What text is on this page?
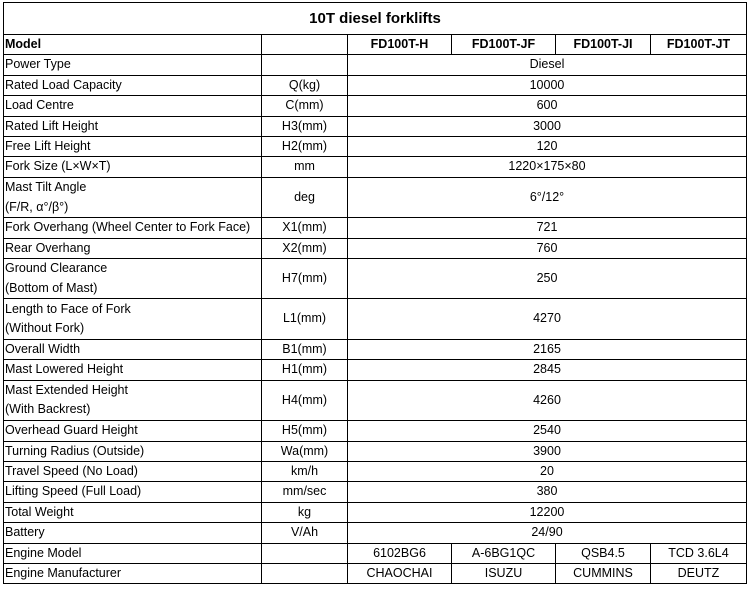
10T diesel forklifts					
Model		FD100T-H	FD100T-JF	FD100T-JI	FD100T-JT
Power Type		Diesel			
Rated Load Capacity	Q(kg)	10000			
Load Centre	C(mm)	600			
Rated Lift Height	H3(mm)	3000			
Free Lift Height	H2(mm)	120			
Fork Size (L×W×T)	mm	1220×175×80			
Mast Tilt Angle
(F/R, α°/β°)	deg	6°/12°			
Fork Overhang (Wheel Center to Fork Face)	X1(mm)	721			
Rear Overhang	X2(mm)	760			
Ground Clearance
(Bottom of Mast)	H7(mm)	250			
Length to Face of Fork
(Without Fork)	L1(mm)	4270			
Overall Width	B1(mm)	2165			
Mast Lowered Height	H1(mm)	2845			
Mast Extended Height
(With Backrest)	H4(mm)	4260			
Overhead Guard Height	H5(mm)	2540			
Turning Radius (Outside)	Wa(mm)	3900			
Travel Speed (No Load)	km/h	20			
Lifting Speed (Full Load)	mm/sec	380			
Total Weight	kg	12200			
Battery	V/Ah	24/90			
Engine Model		6102BG6	A-6BG1QC	QSB4.5	TCD 3.6L4
Engine Manufacturer		CHAOCHAI	ISUZU	CUMMINS	DEUTZ
